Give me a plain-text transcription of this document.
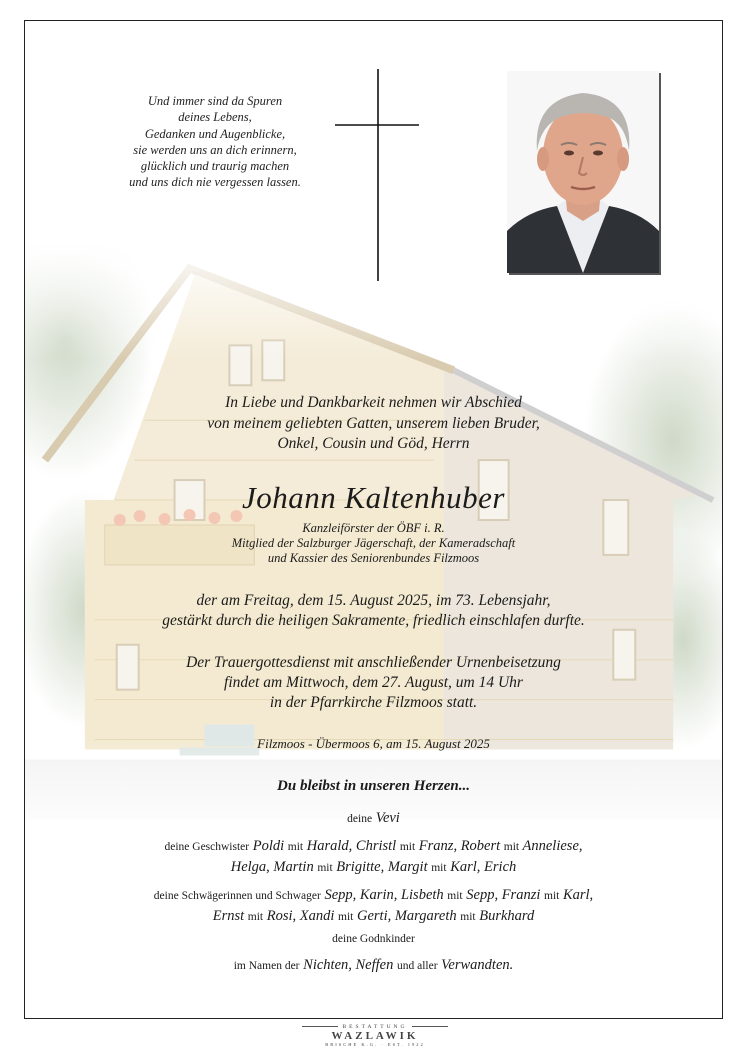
Und immer sind da Spuren
deines Lebens,
Gedanken und Augenblicke,
sie werden uns an dich erinnern,
glücklich und traurig machen
und uns dich nie vergessen lassen.
In Liebe und Dankbarkeit nehmen wir Abschied
von meinem geliebten Gatten, unserem lieben Bruder,
Onkel, Cousin und Göd, Herrn
Johann Kaltenhuber
Kanzleiförster der ÖBF i. R.
Mitglied der Salzburger Jägerschaft, der Kameradschaft
und Kassier des Seniorenbundes Filzmoos
der am Freitag, dem 15. August 2025, im 73. Lebensjahr,
gestärkt durch die heiligen Sakramente, friedlich einschlafen durfte.
Der Trauergottesdienst mit anschließender Urnenbeisetzung
findet am Mittwoch, dem 27. August, um 14 Uhr
in der Pfarrkirche Filzmoos statt.
Filzmoos - Übermoos 6, am 15. August 2025
Du bleibst in unseren Herzen...
deine Vevi
deine Geschwister Poldi mit Harald, Christl mit Franz, Robert mit Anneliese,
Helga, Martin mit Brigitte, Margit mit Karl, Erich
deine Schwägerinnen und Schwager Sepp, Karin, Lisbeth mit Sepp, Franzi mit Karl,
Ernst mit Rosi, Xandi mit Gerti, Margareth mit Burkhard
deine Godnkinder
im Namen der Nichten, Neffen und aller Verwandten.
BESTATTUNG
WAZLAWIK
BRISCHE K.G. · EST. 1922
